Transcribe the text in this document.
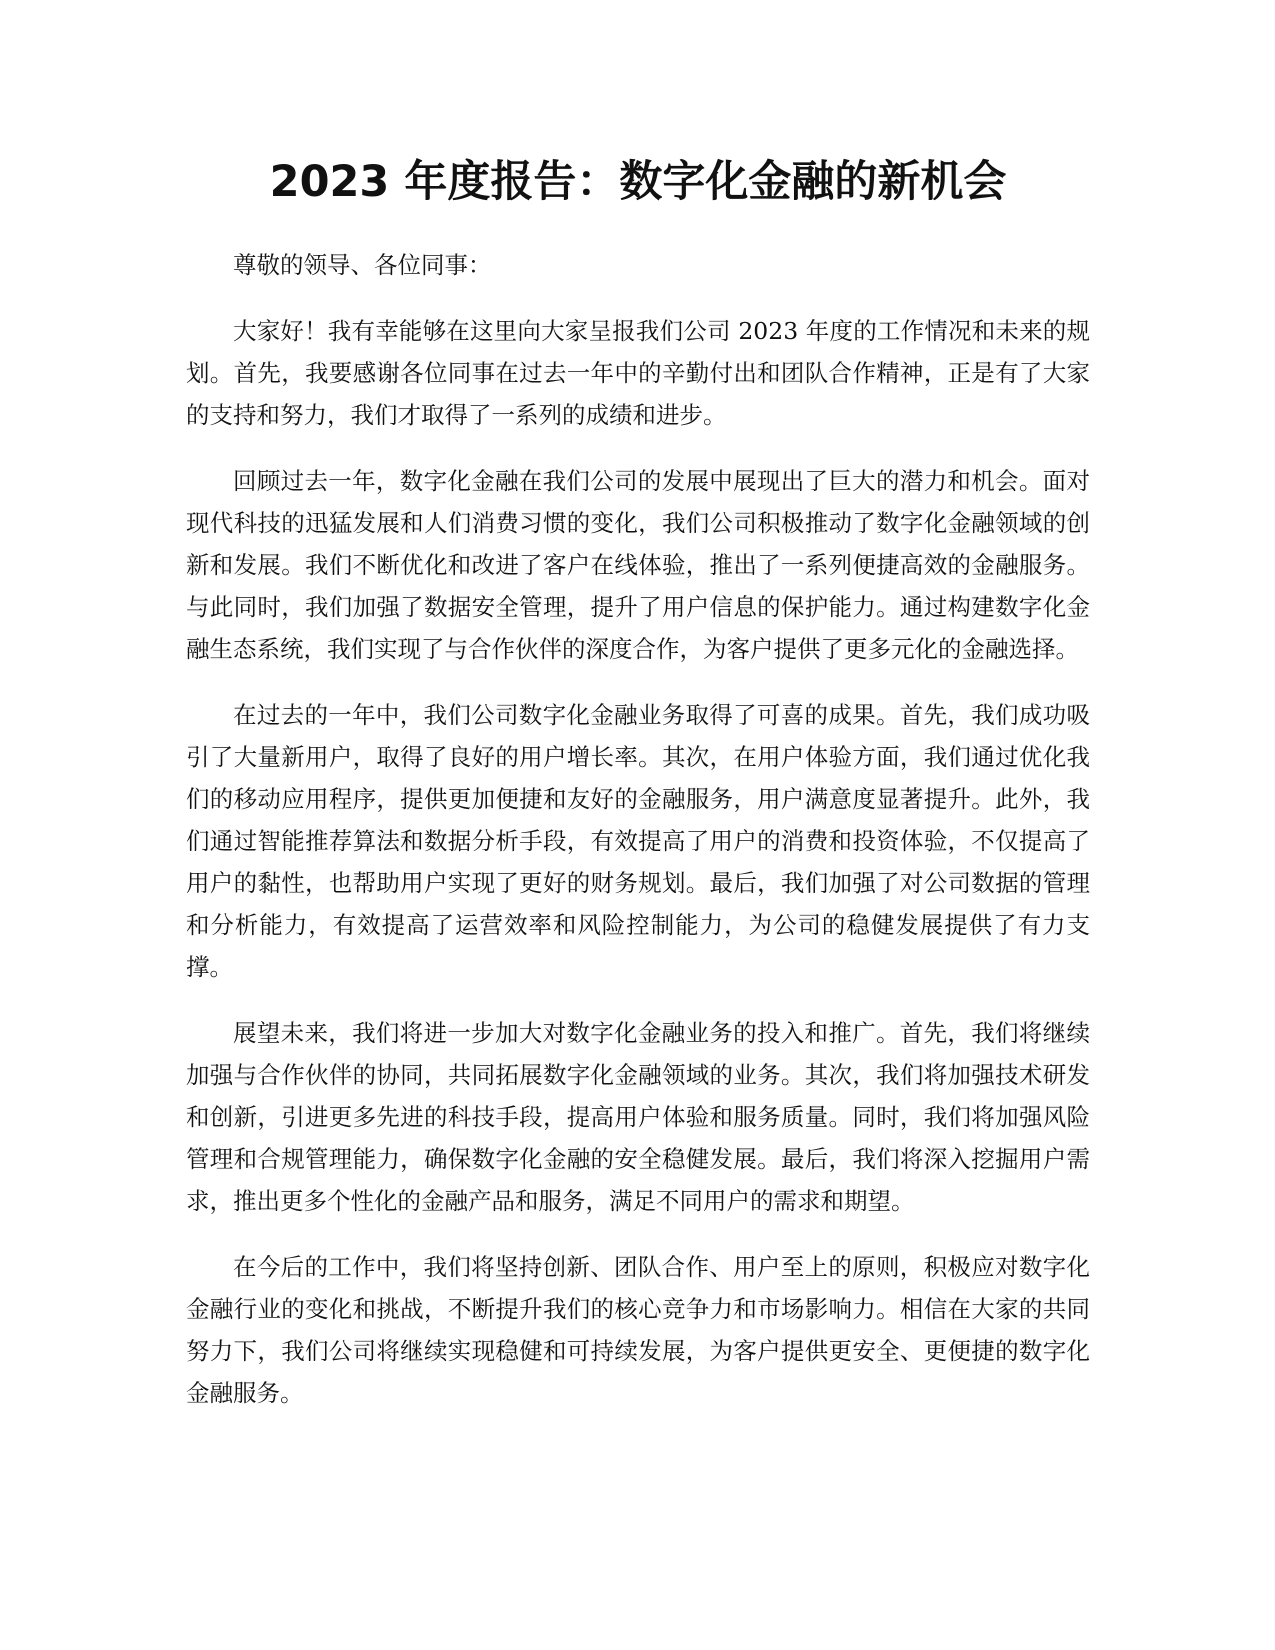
2023 年度报告：数字化金融的新机会

尊敬的领导、各位同事：

大家好！我有幸能够在这里向大家呈报我们公司 2023 年度的工作情况和未来的规划。首先，我要感谢各位同事在过去一年中的辛勤付出和团队合作精神，正是有了大家的支持和努力，我们才取得了一系列的成绩和进步。

回顾过去一年，数字化金融在我们公司的发展中展现出了巨大的潜力和机会。面对现代科技的迅猛发展和人们消费习惯的变化，我们公司积极推动了数字化金融领域的创新和发展。我们不断优化和改进了客户在线体验，推出了一系列便捷高效的金融服务。与此同时，我们加强了数据安全管理，提升了用户信息的保护能力。通过构建数字化金融生态系统，我们实现了与合作伙伴的深度合作，为客户提供了更多元化的金融选择。

在过去的一年中，我们公司数字化金融业务取得了可喜的成果。首先，我们成功吸引了大量新用户，取得了良好的用户增长率。其次，在用户体验方面，我们通过优化我们的移动应用程序，提供更加便捷和友好的金融服务，用户满意度显著提升。此外，我们通过智能推荐算法和数据分析手段，有效提高了用户的消费和投资体验，不仅提高了用户的黏性，也帮助用户实现了更好的财务规划。最后，我们加强了对公司数据的管理和分析能力，有效提高了运营效率和风险控制能力，为公司的稳健发展提供了有力支撑。

展望未来，我们将进一步加大对数字化金融业务的投入和推广。首先，我们将继续加强与合作伙伴的协同，共同拓展数字化金融领域的业务。其次，我们将加强技术研发和创新，引进更多先进的科技手段，提高用户体验和服务质量。同时，我们将加强风险管理和合规管理能力，确保数字化金融的安全稳健发展。最后，我们将深入挖掘用户需求，推出更多个性化的金融产品和服务，满足不同用户的需求和期望。

在今后的工作中，我们将坚持创新、团队合作、用户至上的原则，积极应对数字化金融行业的变化和挑战，不断提升我们的核心竞争力和市场影响力。相信在大家的共同努力下，我们公司将继续实现稳健和可持续发展，为客户提供更安全、更便捷的数字化金融服务。
